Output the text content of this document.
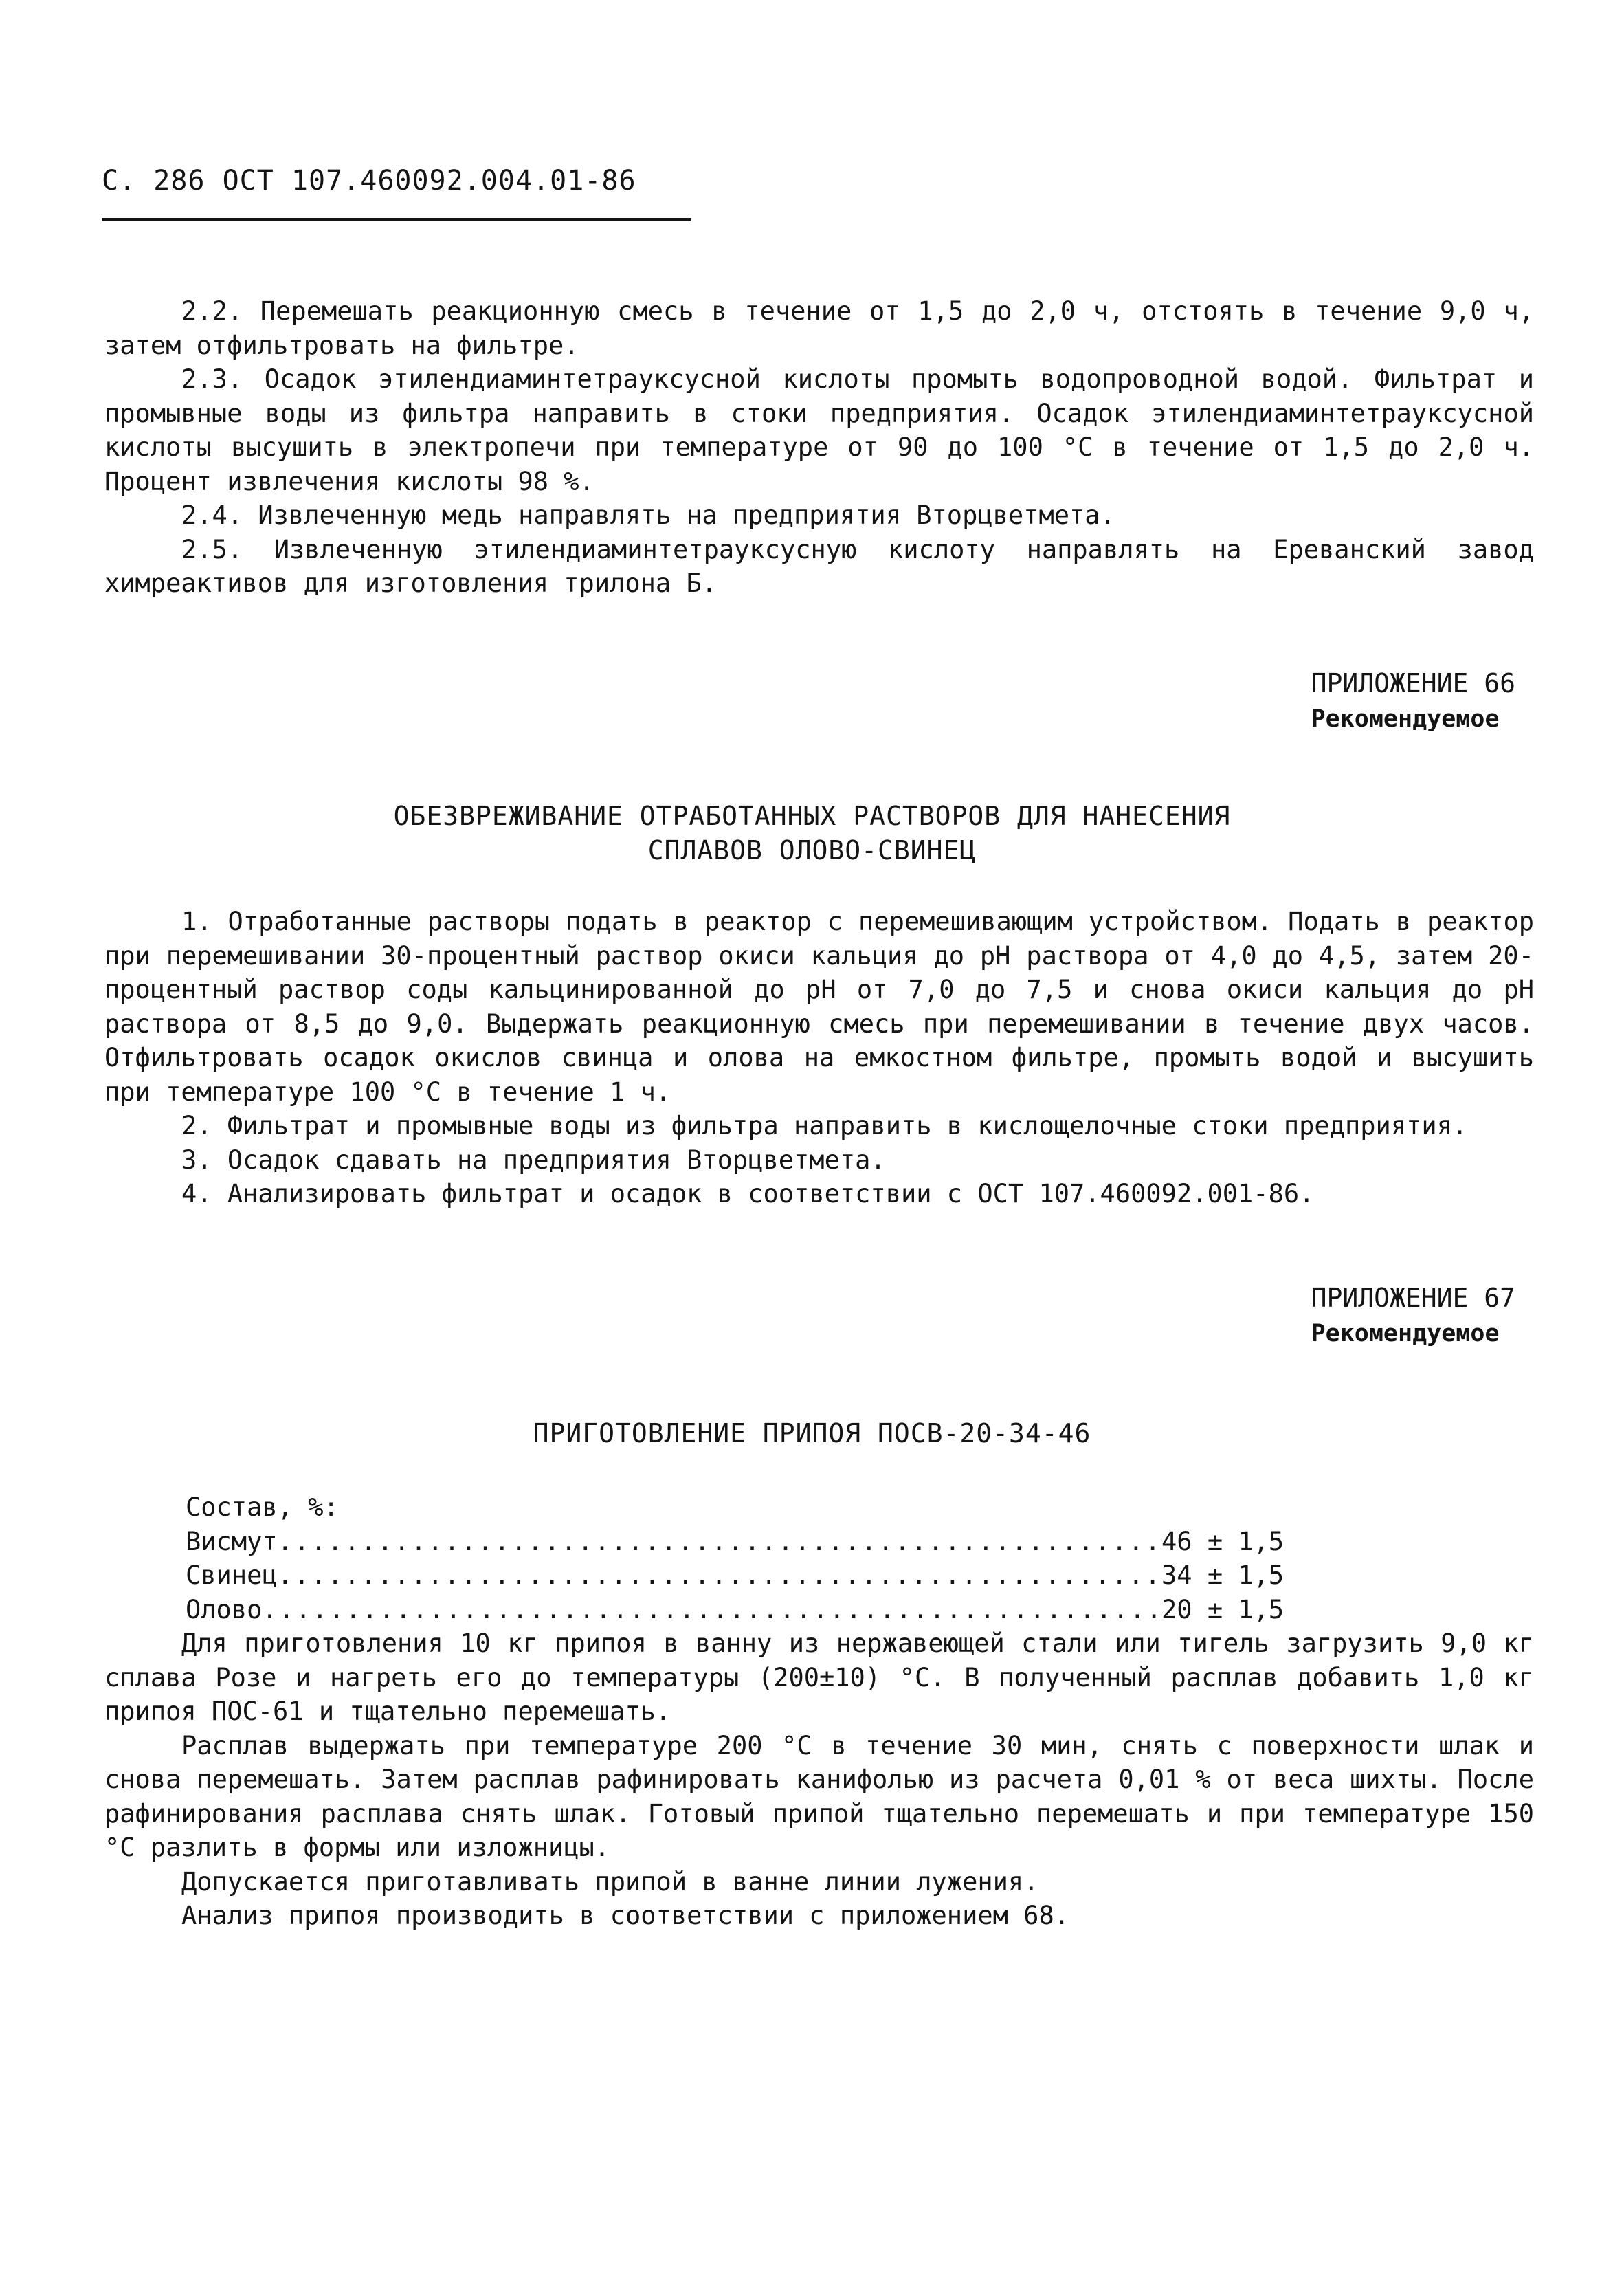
С. 286 ОСТ 107.460092.004.01-86

2.2. Перемешать реакционную смесь в течение от 1,5 до 2,0 ч, отстоять в течение 9,0 ч, затем отфильтровать на фильтре.

2.3. Осадок этилендиаминтетрауксусной кислоты промыть водопроводной водой. Фильтрат и промывные воды из фильтра направить в стоки предприятия. Осадок этилендиаминтетрауксусной кислоты высушить в электропечи при температуре от 90 до 100 °С в течение от 1,5 до 2,0 ч. Процент извлечения кислоты 98 %.

2.4. Извлеченную медь направлять на предприятия Вторцветмета.

2.5. Извлеченную этилендиаминтетрауксусную кислоту направлять на Ереванский завод химреактивов для изготовления трилона Б.

ПРИЛОЖЕНИЕ 66
Рекомендуемое
ОБЕЗВРЕЖИВАНИЕ ОТРАБОТАННЫХ РАСТВОРОВ ДЛЯ НАНЕСЕНИЯ
СПЛАВОВ ОЛОВО-СВИНЕЦ

1. Отработанные растворы подать в реактор с перемешивающим устройством. Подать в реактор при перемешивании 30-процентный раствор окиси кальция до рН раствора от 4,0 до 4,5, затем 20-процентный раствор соды кальцинированной до рН от 7,0 до 7,5 и снова окиси кальция до рН раствора от 8,5 до 9,0. Выдержать реакционную смесь при перемешивании в течение двух часов. Отфильтровать осадок окислов свинца и олова на емкостном фильтре, промыть водой и высушить при температуре 100 °С в течение 1 ч.

2. Фильтрат и промывные воды из фильтра направить в кислощелочные стоки предприятия.

3. Осадок сдавать на предприятия Вторцветмета.

4. Анализировать фильтрат и осадок в соответствии с ОСТ 107.460092.001-86.

ПРИЛОЖЕНИЕ 67
Рекомендуемое
ПРИГОТОВЛЕНИЕ ПРИПОЯ ПОСВ-20-34-46
Состав, %:
Висмут .....	46 ± 1,5
Свинец .....	34 ± 1,5
Олово .....	20 ± 1,5

Для приготовления 10 кг припоя в ванну из нержавеющей стали или тигель загрузить 9,0 кг сплава Розе и нагреть его до температуры (200±10) °С. В полученный расплав добавить 1,0 кг припоя ПОС-61 и тщательно перемешать.

Расплав выдержать при температуре 200 °С в течение 30 мин, снять с поверхности шлак и снова перемешать. Затем расплав рафинировать канифолью из расчета 0,01 % от веса шихты. После рафинирования расплава снять шлак. Готовый припой тщательно перемешать и при температуре 150 °С разлить в формы или изложницы.

Допускается приготавливать припой в ванне линии лужения.

Анализ припоя производить в соответствии с приложением 68.
